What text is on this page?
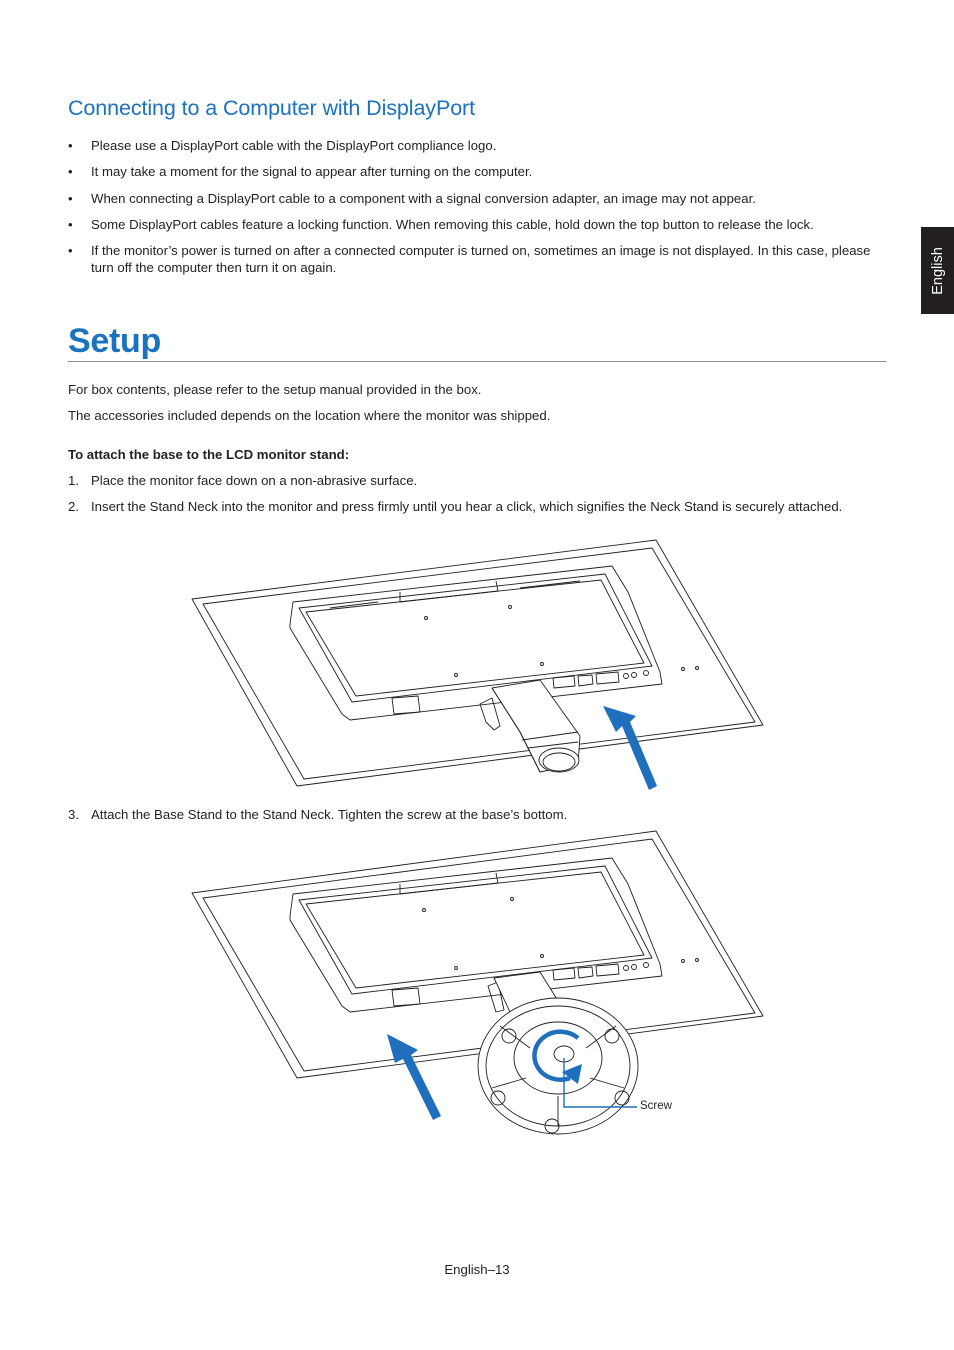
Connecting to a Computer with DisplayPort
• Please use a DisplayPort cable with the DisplayPort compliance logo.
• It may take a moment for the signal to appear after turning on the computer.
• When connecting a DisplayPort cable to a component with a signal conversion adapter, an image may not appear.
• Some DisplayPort cables feature a locking function. When removing this cable, hold down the top button to release the lock.
• If the monitor’s power is turned on after a connected computer is turned on, sometimes an image is not displayed. In this case, please turn off the computer then turn it on again.	English
Setup

For box contents, please refer to the setup manual provided in the box.

The accessories included depends on the location where the monitor was shipped.

To attach the base to the LCD monitor stand:

1. Place the monitor face down on a non-abrasive surface.
2. Insert the Stand Neck into the monitor and press firmly until you hear a click, which signifies the Neck Stand is securely attached.
3. Attach the Base Stand to the Stand Neck. Tighten the screw at the base’s bottom.
Screw
English–13
